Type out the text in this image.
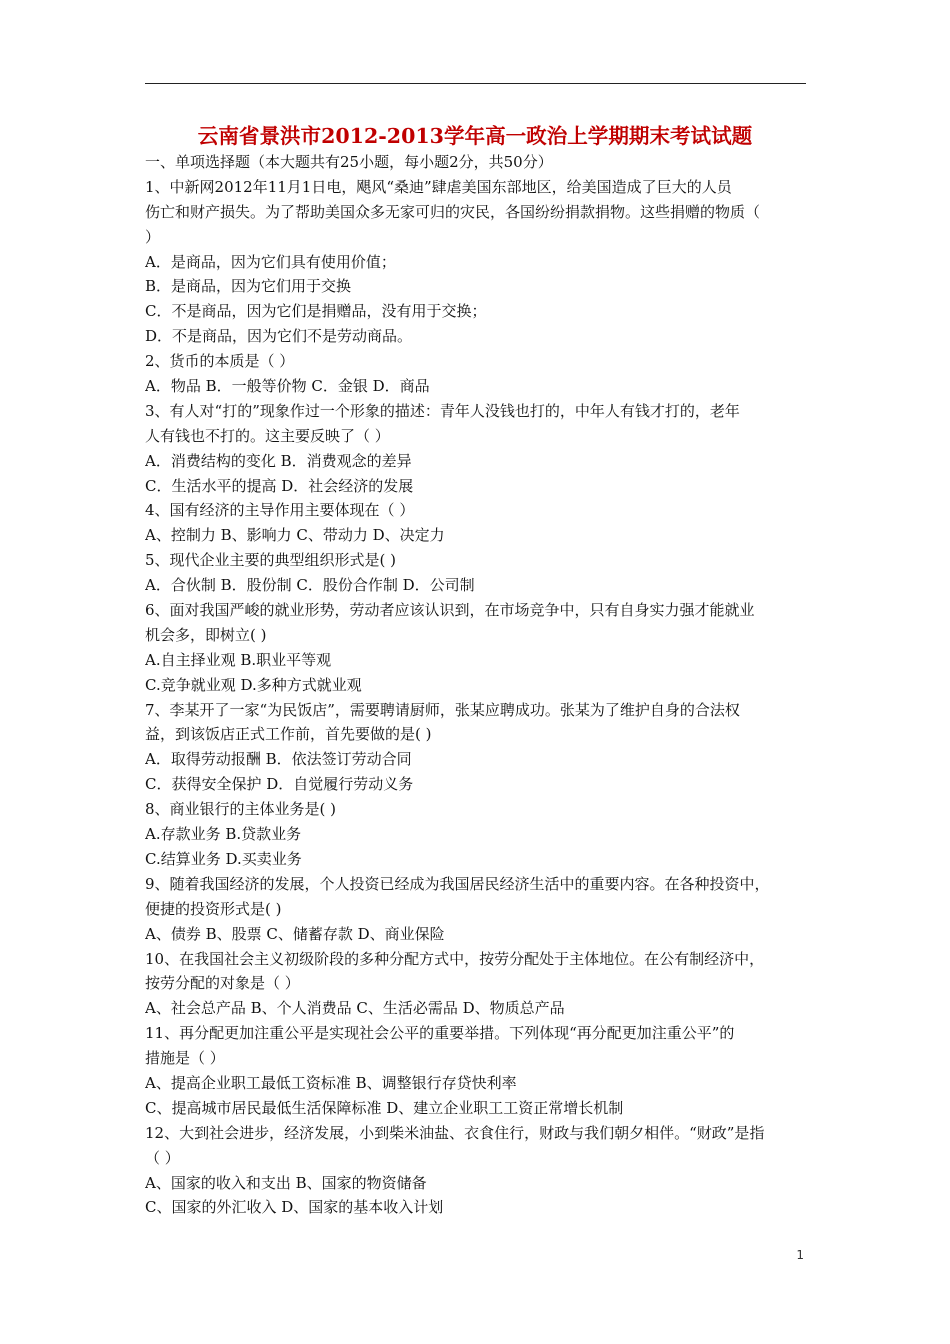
云南省景洪市2012-2013学年高一政治上学期期末考试试题
一、单项选择题（本大题共有25小题，每小题2分，共50分）
1、中新网2012年11月1日电，飓风“桑迪”肆虐美国东部地区，给美国造成了巨大的人员
伤亡和财产损失。为了帮助美国众多无家可归的灾民，各国纷纷捐款捐物。这些捐赠的物质（
）
A．是商品，因为它们具有使用价值；
B．是商品，因为它们用于交换
C．不是商品，因为它们是捐赠品，没有用于交换；
D．不是商品，因为它们不是劳动商品。
2、货币的本质是（ ）
A．物品 B．一般等价物 C．金银 D．商品
3、有人对“打的”现象作过一个形象的描述：青年人没钱也打的，中年人有钱才打的，老年
人有钱也不打的。这主要反映了（ ）
A．消费结构的变化 B．消费观念的差异
C．生活水平的提高 D．社会经济的发展
4、国有经济的主导作用主要体现在（ ）
A、控制力 B、影响力 C、带动力 D、决定力
5、现代企业主要的典型组织形式是( )
A．合伙制 B．股份制 C．股份合作制 D．公司制
6、面对我国严峻的就业形势，劳动者应该认识到，在市场竞争中，只有自身实力强才能就业
机会多，即树立( )
A.自主择业观 B.职业平等观
C.竞争就业观 D.多种方式就业观
7、李某开了一家“为民饭店”，需要聘请厨师，张某应聘成功。张某为了维护自身的合法权
益，到该饭店正式工作前，首先要做的是( )
A．取得劳动报酬 B．依法签订劳动合同
C．获得安全保护 D．自觉履行劳动义务
8、商业银行的主体业务是( )
A.存款业务 B.贷款业务
C.结算业务 D.买卖业务
9、随着我国经济的发展，个人投资已经成为我国居民经济生活中的重要内容。在各种投资中，
便捷的投资形式是( )
A、债券 B、股票 C、储蓄存款 D、商业保险
10、在我国社会主义初级阶段的多种分配方式中，按劳分配处于主体地位。在公有制经济中，
按劳分配的对象是（ ）
A、社会总产品 B、个人消费品 C、生活必需品 D、物质总产品
11、再分配更加注重公平是实现社会公平的重要举措。下列体现“再分配更加注重公平”的
措施是（ ）
A、提高企业职工最低工资标准 B、调整银行存贷快利率
C、提高城市居民最低生活保障标准 D、建立企业职工工资正常增长机制
12、大到社会进步，经济发展，小到柴米油盐、衣食住行，财政与我们朝夕相伴。“财政”是指
（ ）
A、国家的收入和支出 B、国家的物资储备
C、国家的外汇收入 D、国家的基本收入计划
1
